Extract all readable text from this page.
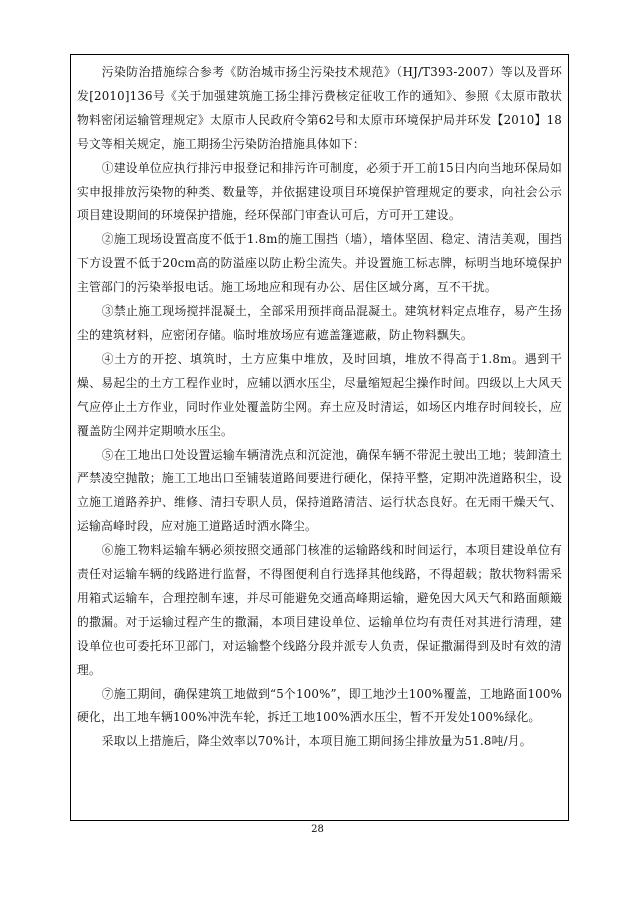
污染防治措施综合参考《防治城市扬尘污染技术规范》（HJ/T393-2007）等以及晋环发[2010]136号《关于加强建筑施工扬尘排污费核定征收工作的通知》、参照《太原市散状物料密闭运输管理规定》太原市人民政府令第62号和太原市环境保护局并环发【2010】18号文等相关规定，施工期扬尘污染防治措施具体如下：

①建设单位应执行排污申报登记和排污许可制度，必须于开工前15日内向当地环保局如实申报排放污染物的种类、数量等，并依据建设项目环境保护管理规定的要求，向社会公示项目建设期间的环境保护措施，经环保部门审查认可后，方可开工建设。

②施工现场设置高度不低于1.8m的施工围挡（墙），墙体坚固、稳定、清洁美观，围挡下方设置不低于20cm高的防溢座以防止粉尘流失。并设置施工标志牌，标明当地环境保护主管部门的污染举报电话。施工场地应和现有办公、居住区域分离，互不干扰。

③禁止施工现场搅拌混凝土，全部采用预拌商品混凝土。建筑材料定点堆存，易产生扬尘的建筑材料，应密闭存储。临时堆放场应有遮盖篷遮蔽，防止物料飘失。

④土方的开挖、填筑时，土方应集中堆放，及时回填，堆放不得高于1.8m。遇到干燥、易起尘的土方工程作业时，应辅以洒水压尘，尽量缩短起尘操作时间。四级以上大风天气应停止土方作业，同时作业处覆盖防尘网。弃土应及时清运，如场区内堆存时间较长，应覆盖防尘网并定期喷水压尘。

⑤在工地出口处设置运输车辆清洗点和沉淀池，确保车辆不带泥土驶出工地；装卸渣土严禁凌空抛散；施工工地出口至铺装道路间要进行硬化，保持平整，定期冲洗道路积尘，设立施工道路养护、维修、清扫专职人员，保持道路清洁、运行状态良好。在无雨干燥天气、运输高峰时段，应对施工道路适时洒水降尘。

⑥施工物料运输车辆必须按照交通部门核准的运输路线和时间运行，本项目建设单位有责任对运输车辆的线路进行监督，不得图便利自行选择其他线路，不得超载；散状物料需采用箱式运输车，合理控制车速，并尽可能避免交通高峰期运输，避免因大风天气和路面颠簸的撒漏。对于运输过程产生的撒漏，本项目建设单位、运输单位均有责任对其进行清理，建设单位也可委托环卫部门，对运输整个线路分段并派专人负责，保证撒漏得到及时有效的清理。

⑦施工期间，确保建筑工地做到“5个100%”，即工地沙土100%覆盖，工地路面100%硬化，出工地车辆100%冲洗车轮，拆迁工地100%洒水压尘，暂不开发处100%绿化。

采取以上措施后，降尘效率以70%计，本项目施工期间扬尘排放量为51.8吨/月。

28
